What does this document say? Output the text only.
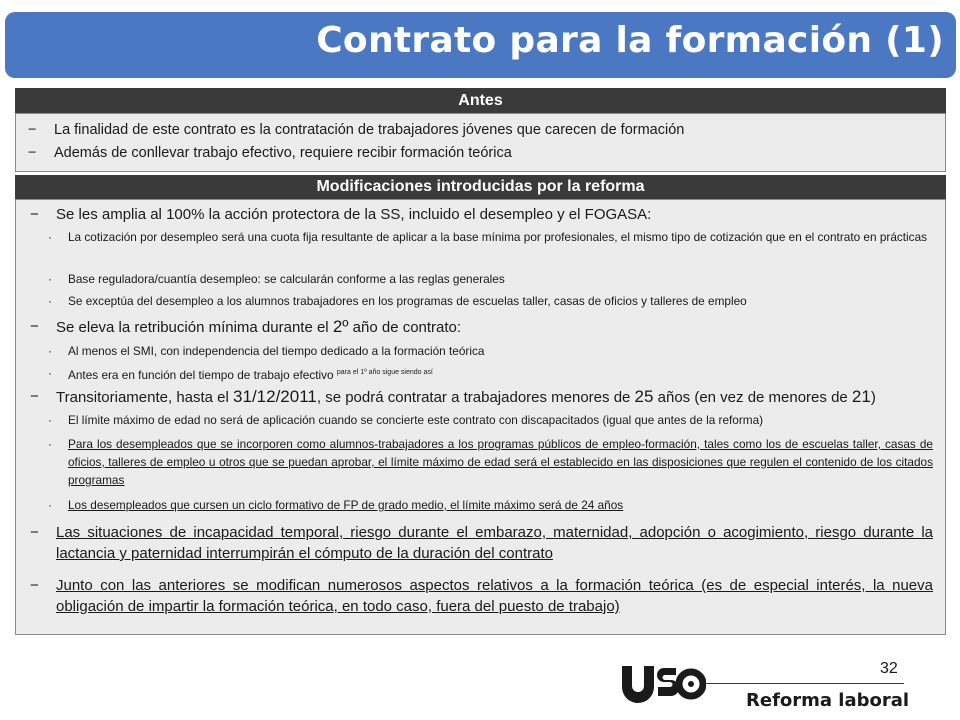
Contrato para la formación (1)
Antes
− La finalidad de este contrato es la contratación de trabajadores jóvenes que carecen de formación
− Además de conllevar trabajo efectivo, requiere recibir formación teórica
Modificaciones introducidas por la reforma
− Se les amplia al 100% la acción protectora de la SS, incluido el desempleo y el FOGASA:
· La cotización por desempleo será una cuota fija resultante de aplicar a la base mínima por profesionales, el mismo tipo de cotización que en el contrato en prácticas
· Base reguladora/cuantía desempleo: se calcularán conforme a las reglas generales
· Se exceptúa del desempleo a los alumnos trabajadores en los programas de escuelas taller, casas de oficios y talleres de empleo
− Se eleva la retribución mínima durante el 2º año de contrato:
· Al menos el SMI, con independencia del tiempo dedicado a la formación teórica
· Antes era en función del tiempo de trabajo efectivo $^{para el 1º año sigue siendo así}$
− Transitoriamente, hasta el 31/12/2011, se podrá contratar a trabajadores menores de 25 años (en vez de menores de 21)
· El límite máximo de edad no será de aplicación cuando se concierte este contrato con discapacitados (igual que antes de la reforma)
· Para los desempleados que se incorporen como alumnos-trabajadores a los programas públicos de empleo-formación, tales como los de escuelas taller, casas de oficios, talleres de empleo u otros que se puedan aprobar, el límite máximo de edad será el establecido en las disposiciones que regulen el contenido de los citados programas
· Los desempleados que cursen un ciclo formativo de FP de grado medio, el límite máximo será de 24 años
− Las situaciones de incapacidad temporal, riesgo durante el embarazo, maternidad, adopción o acogimiento, riesgo durante la lactancia y paternidad interrumpirán el cómputo de la duración del contrato
− Junto con las anteriores se modifican numerosos aspectos relativos a la formación teórica (es de especial interés, la nueva obligación de impartir la formación teórica, en todo caso, fuera del puesto de trabajo)
32
Reforma laboral
